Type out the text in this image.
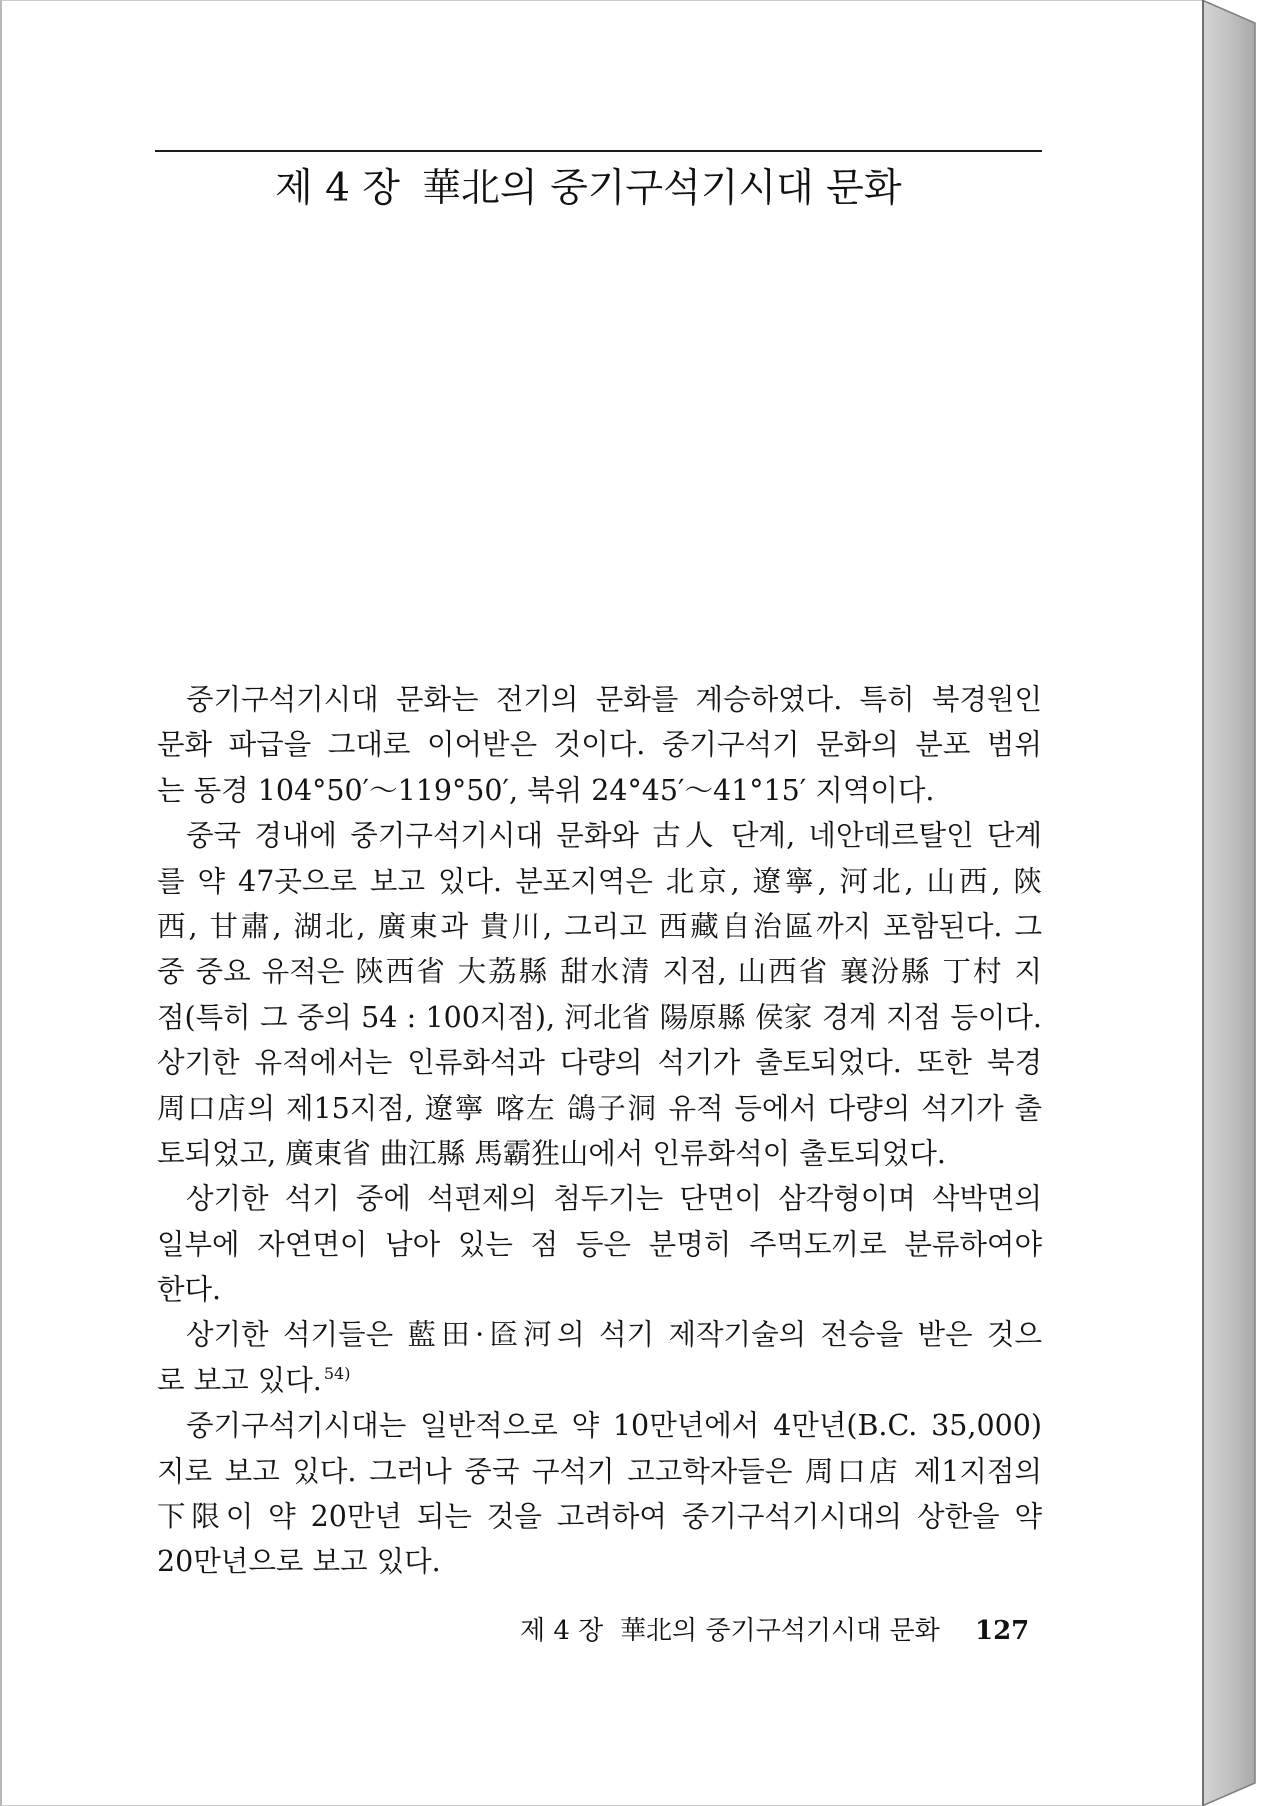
제 4 장 華北의 중기구석기시대 문화
중기구석기시대 문화는 전기의 문화를 계승하였다. 특히 북경원인
문화 파급을 그대로 이어받은 것이다. 중기구석기 문화의 분포 범위
는 동경 104°50′～119°50′, 북위 24°45′～41°15′ 지역이다.
중국 경내에 중기구석기시대 문화와 古人 단계, 네안데르탈인 단계
를 약 47곳으로 보고 있다. 분포지역은 北京, 遼寧, 河北, 山西, 陝
西, 甘肅, 湖北, 廣東과 貴川, 그리고 西藏自治區까지 포함된다. 그
중 중요 유적은 陝西省 大荔縣 甜水清 지점, 山西省 襄汾縣 丁村 지
점(특히 그 중의 54 : 100지점), 河北省 陽原縣 侯家 경계 지점 등이다.
상기한 유적에서는 인류화석과 다량의 석기가 출토되었다. 또한 북경
周口店의 제15지점, 遼寧 喀左 鴿子洞 유적 등에서 다량의 석기가 출
토되었고, 廣東省 曲江縣 馬霸狌山에서 인류화석이 출토되었다.
상기한 석기 중에 석편제의 첨두기는 단면이 삼각형이며 삭박면의
일부에 자연면이 남아 있는 점 등은 분명히 주먹도끼로 분류하여야
한다.
상기한 석기들은 藍田·匼河의 석기 제작기술의 전승을 받은 것으
로 보고 있다. $^{54)}$
중기구석기시대는 일반적으로 약 10만년에서 4만년(B.C. 35,000)
지로 보고 있다. 그러나 중국 구석기 고고학자들은 周口店 제1지점의
下限이 약 20만년 되는 것을 고려하여 중기구석기시대의 상한을 약
20만년으로 보고 있다.
제 4 장 華北의 중기구석기시대 문화 127
